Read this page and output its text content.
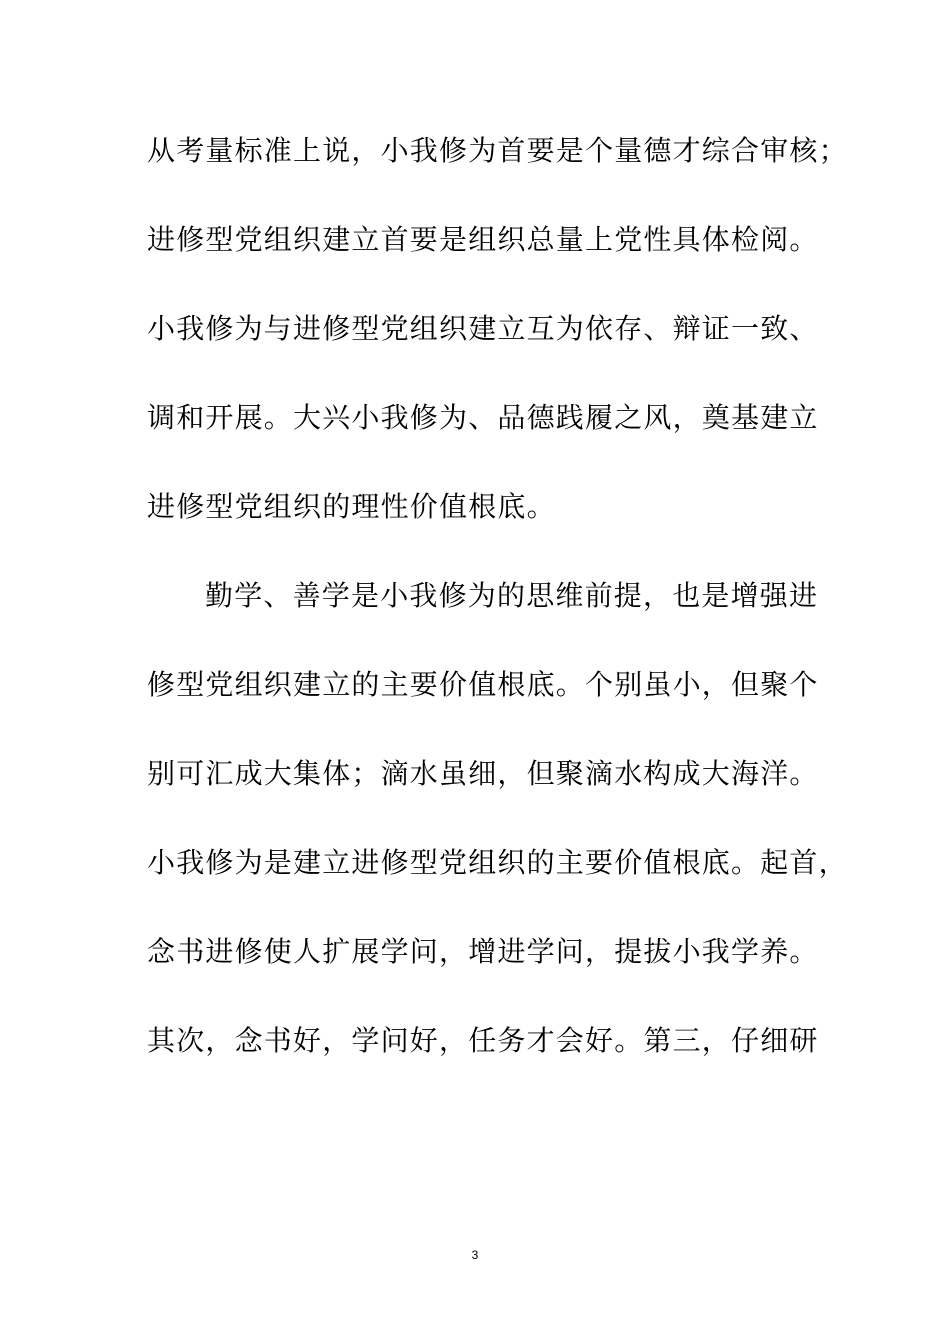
从考量标准上说，小我修为首要是个量德才综合审核；
进修型党组织建立首要是组织总量上党性具体检阅。
小我修为与进修型党组织建立互为依存、辩证一致、
调和开展。大兴小我修为、品德践履之风，奠基建立
进修型党组织的理性价值根底。
勤学、善学是小我修为的思维前提，也是增强进
修型党组织建立的主要价值根底。个别虽小，但聚个
别可汇成大集体；滴水虽细，但聚滴水构成大海洋。
小我修为是建立进修型党组织的主要价值根底。起首，
念书进修使人扩展学问，增进学问，提拔小我学养。
其次，念书好，学问好，任务才会好。第三，仔细研
3
